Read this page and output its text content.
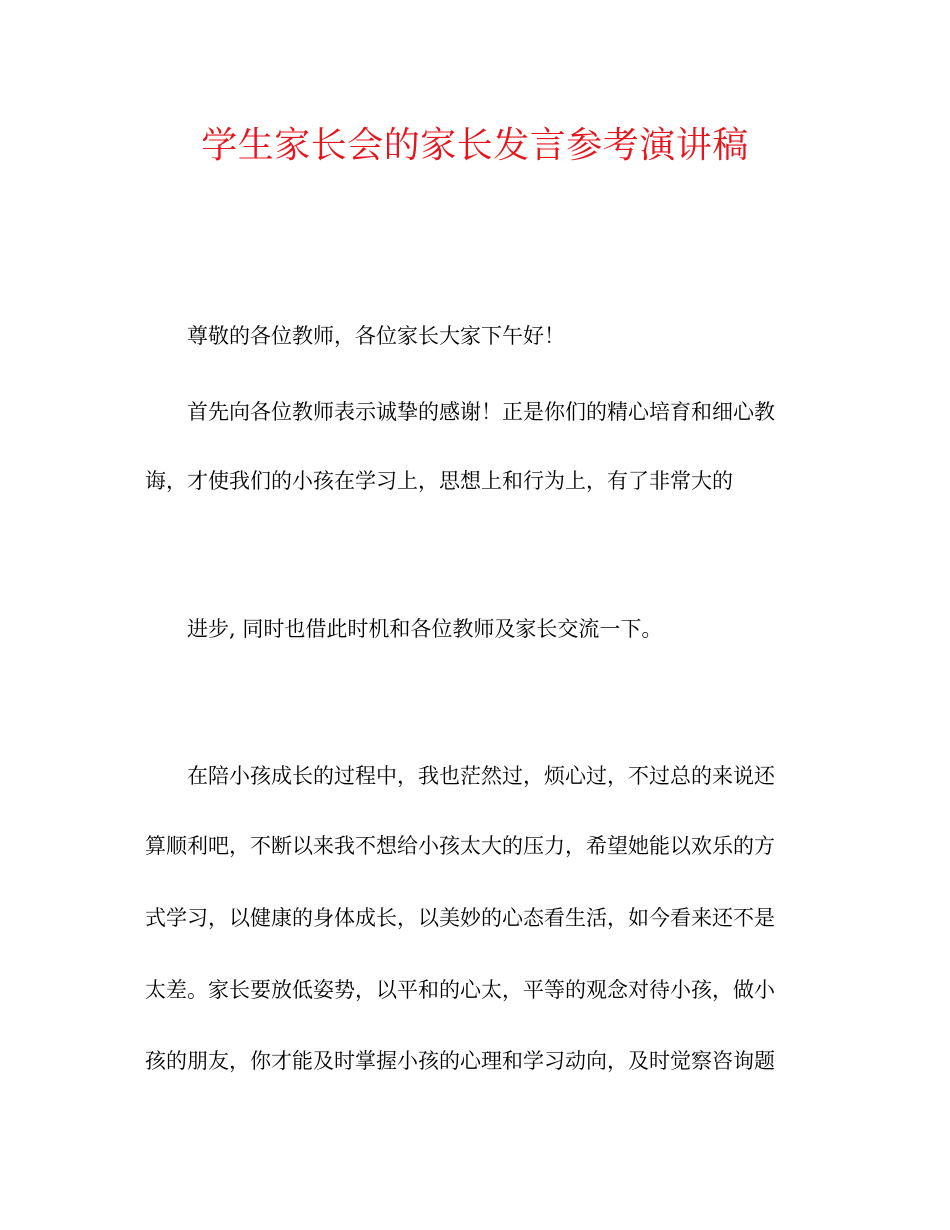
学生家长会的家长发言参考演讲稿

尊敬的各位教师，各位家长大家下午好！

首先向各位教师表示诚挚的感谢！正是你们的精心培育和细心教

诲，才使我们的小孩在学习上，思想上和行为上，有了非常大的

进步, 同时也借此时机和各位教师及家长交流一下。

在陪小孩成长的过程中，我也茫然过，烦心过，不过总的来说还

算顺利吧，不断以来我不想给小孩太大的压力，希望她能以欢乐的方

式学习，以健康的身体成长，以美妙的心态看生活，如今看来还不是

太差。家长要放低姿势，以平和的心太，平等的观念对待小孩，做小

孩的朋友，你才能及时掌握小孩的心理和学习动向，及时觉察咨询题
